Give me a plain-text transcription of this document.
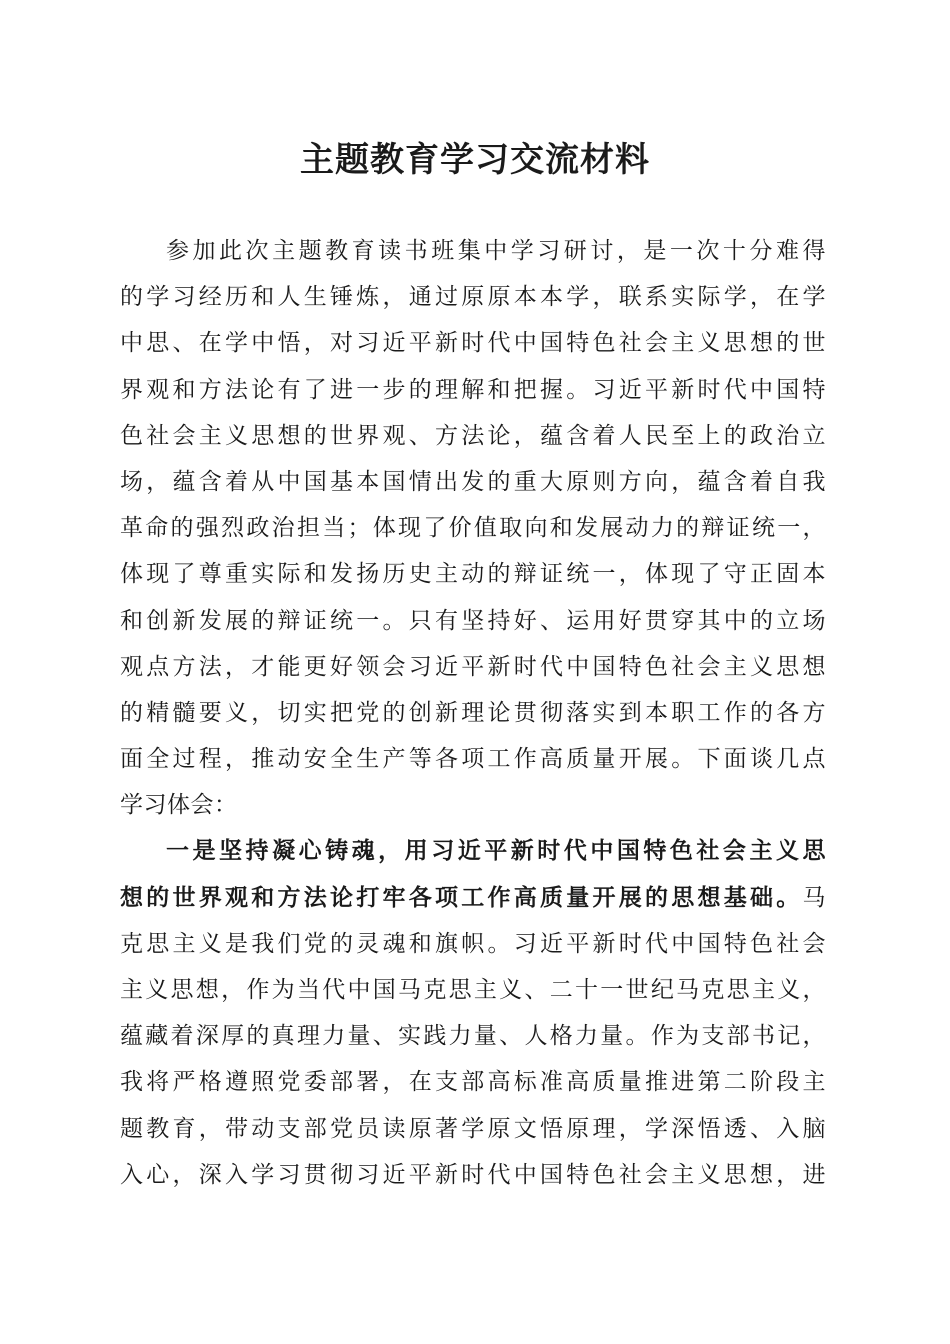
主题教育学习交流材料
参加此次主题教育读书班集中学习研讨，是一次十分难得
的学习经历和人生锤炼，通过原原本本学，联系实际学，在学
中思、在学中悟，对习近平新时代中国特色社会主义思想的世
界观和方法论有了进一步的理解和把握。习近平新时代中国特
色社会主义思想的世界观、方法论，蕴含着人民至上的政治立
场，蕴含着从中国基本国情出发的重大原则方向，蕴含着自我
革命的强烈政治担当；体现了价值取向和发展动力的辩证统一，
体现了尊重实际和发扬历史主动的辩证统一，体现了守正固本
和创新发展的辩证统一。只有坚持好、运用好贯穿其中的立场
观点方法，才能更好领会习近平新时代中国特色社会主义思想
的精髓要义，切实把党的创新理论贯彻落实到本职工作的各方
面全过程，推动安全生产等各项工作高质量开展。下面谈几点
学习体会：
一是坚持凝心铸魂，用习近平新时代中国特色社会主义思
想的世界观和方法论打牢各项工作高质量开展的思想基础。马
克思主义是我们党的灵魂和旗帜。习近平新时代中国特色社会
主义思想，作为当代中国马克思主义、二十一世纪马克思主义，
蕴藏着深厚的真理力量、实践力量、人格力量。作为支部书记，
我将严格遵照党委部署，在支部高标准高质量推进第二阶段主
题教育，带动支部党员读原著学原文悟原理，学深悟透、入脑
入心，深入学习贯彻习近平新时代中国特色社会主义思想，进
